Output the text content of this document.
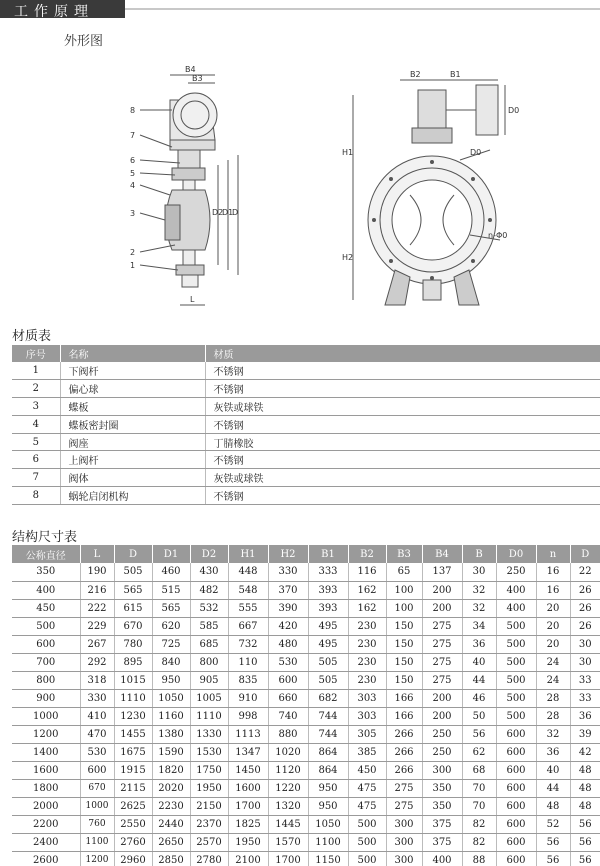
工作原理
外形图
8
7
6
5
4
3
2
1
B4
B3
D2
D1
D
L
B2	B1
D0
H1
H2
D0
n-Φ0
材质表
序号	名称	材质
1	下阀杆	不锈钢
2	偏心球	不锈钢
3	蝶板	灰铁或球铁
4	蝶板密封圈	不锈钢
5	阀座	丁腈橡胶
6	上阀杆	不锈钢
7	阀体	灰铁或球铁
8	蜗轮启闭机构	不锈钢
结构尺寸表
公称直径	L	D	D1	D2	H1	H2	B1	B2	B3	B4	B	D0	n	D
350	190	505	460	430	448	330	333	116	65	137	30	250	16	22
400	216	565	515	482	548	370	393	162	100	200	32	400	16	26
450	222	615	565	532	555	390	393	162	100	200	32	400	20	26
500	229	670	620	585	667	420	495	230	150	275	34	500	20	26
600	267	780	725	685	732	480	495	230	150	275	36	500	20	30
700	292	895	840	800	110	530	505	230	150	275	40	500	24	30
800	318	1015	950	905	835	600	505	230	150	275	44	500	24	33
900	330	1110	1050	1005	910	660	682	303	166	200	46	500	28	33
1000	410	1230	1160	1110	998	740	744	303	166	200	50	500	28	36
1200	470	1455	1380	1330	1113	880	744	305	266	250	56	600	32	39
1400	530	1675	1590	1530	1347	1020	864	385	266	250	62	600	36	42
1600	600	1915	1820	1750	1450	1120	864	450	266	300	68	600	40	48
1800	670	2115	2020	1950	1600	1220	950	475	275	350	70	600	44	48
2000	1000	2625	2230	2150	1700	1320	950	475	275	350	70	600	48	48
2200	760	2550	2440	2370	1825	1445	1050	500	300	375	82	600	52	56
2400	1100	2760	2650	2570	1950	1570	1100	500	300	375	82	600	56	56
2600	1200	2960	2850	2780	2100	1700	1150	500	300	400	88	600	56	56
